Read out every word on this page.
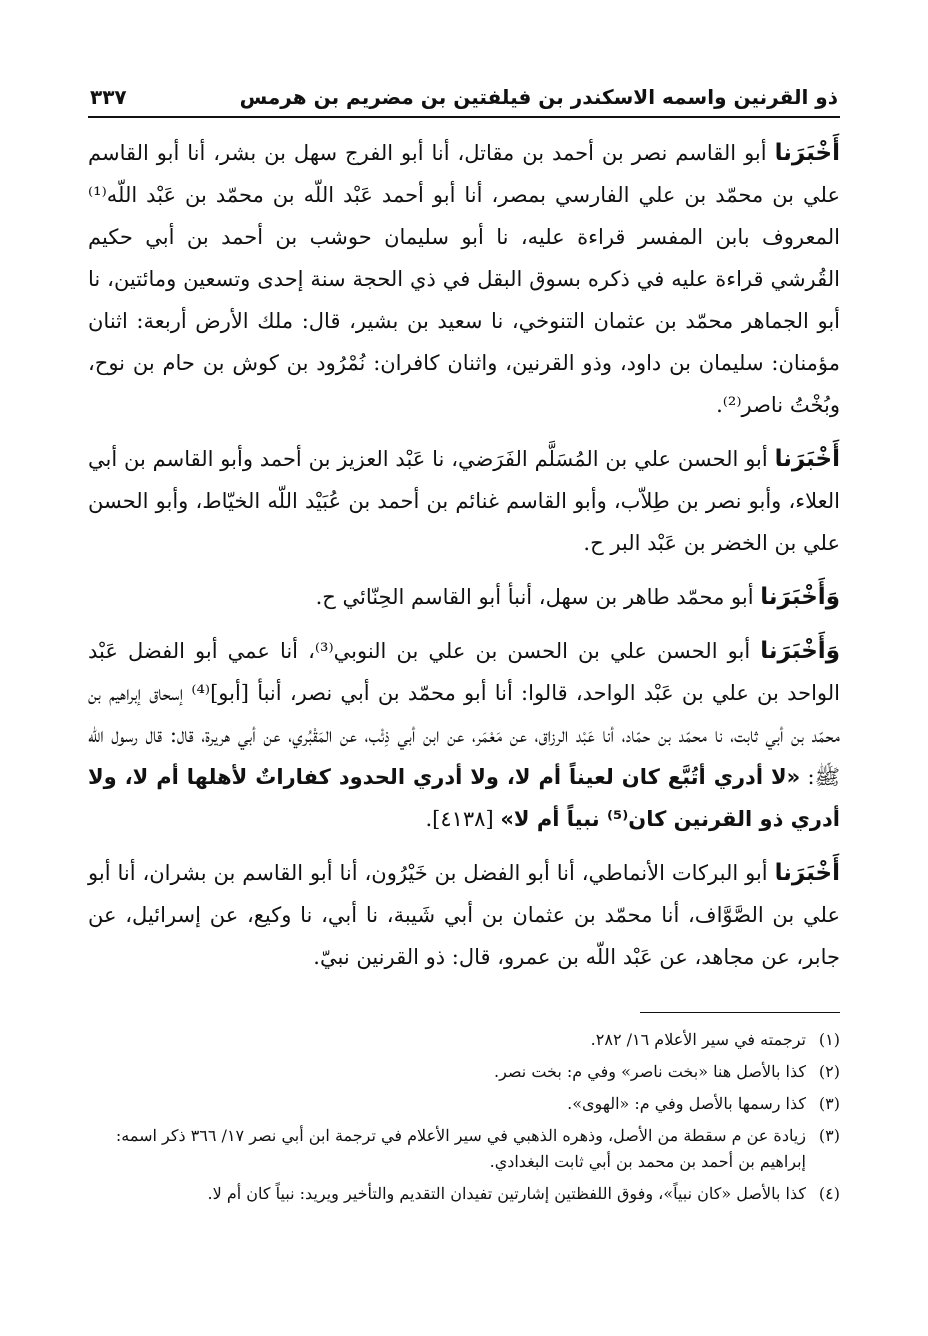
ذو القرنين واسمه الاسكندر بن فيلفتين بن مضريم بن هرمس
٣٣٧

أَخْبَرَنا أبو القاسم نصر بن أحمد بن مقاتل، أنا أبو الفرج سهل بن بشر، أنا أبو القاسم علي بن محمّد بن علي الفارسي بمصر، أنا أبو أحمد عَبْد اللّه بن محمّد بن عَبْد اللّه⁽¹⁾ المعروف بابن المفسر قراءة عليه، نا أبو سليمان حوشب بن أحمد بن أبي حكيم القُرشي قراءة عليه في ذكره بسوق البقل في ذي الحجة سنة إحدى وتسعين ومائتين، نا أبو الجماهر محمّد بن عثمان التنوخي، نا سعيد بن بشير، قال: ملك الأرض أربعة: اثنان مؤمنان: سليمان بن داود، وذو القرنين، واثنان كافران: نُمْرُود بن كوش بن حام بن نوح، وبُخْتُ ناصر⁽²⁾.

أَخْبَرَنا أبو الحسن علي بن المُسَلَّم الفَرَضي، نا عَبْد العزيز بن أحمد وأبو القاسم بن أبي العلاء، وأبو نصر بن طِلاّب، وأبو القاسم غنائم بن أحمد بن عُبَيْد اللّه الخيّاط، وأبو الحسن علي بن الخضر بن عَبْد البر ح.

وَأَخْبَرَنا أبو محمّد طاهر بن سهل، أنبأ أبو القاسم الحِنّائي ح.

وَأَخْبَرَنا أبو الحسن علي بن الحسن بن علي بن النوبي⁽³⁾، أنا عمي أبو الفضل عَبْد الواحد بن علي بن عَبْد الواحد، قالوا: أنا أبو محمّد بن أبي نصر، أنبأ [أبو]⁽⁴⁾ إسحاق إبراهيم بن محمّد بن أبي ثابت، نا محمّد بن حمّاد، أنا عَبْد الرزاق، عن مَعْمَر، عن ابن أبي ذِئْب، عن المَقْبُري، عن أبي هريرة، قال: قال رسول اللّه ﷺ: «لا أدري أتُبَّع كان لعيناً أم لا، ولا أدري الحدود كفاراتٌ لأهلها أم لا، ولا أدري ذو القرنين كان⁽⁵⁾ نبياً أم لا» [٤١٣٨].

أَخْبَرَنا أبو البركات الأنماطي، أنا أبو الفضل بن خَيْرُون، أنا أبو القاسم بن بشران، أنا أبو علي بن الصَّوَّاف، أنا محمّد بن عثمان بن أبي شَيبة، نا أبي، نا وكيع، عن إسرائيل، عن جابر، عن مجاهد، عن عَبْد اللّه بن عمرو، قال: ذو القرنين نبيّ.

(١)
ترجمته في سير الأعلام ١٦/ ٢٨٢.
(٢)
كذا بالأصل هنا «بخت ناصر» وفي م: بخت نصر.
(٣)
كذا رسمها بالأصل وفي م: «الهوى».
(٣)
زيادة عن م سقطة من الأصل، وذهره الذهبي في سير الأعلام في ترجمة ابن أبي نصر ١٧/ ٣٦٦ ذكر اسمه: إبراهيم بن أحمد بن محمد بن أبي ثابت البغدادي.
(٤)
كذا بالأصل «كان نبياً»، وفوق اللفظتين إشارتين تفيدان التقديم والتأخير ويريد: نبياً كان أم لا.
